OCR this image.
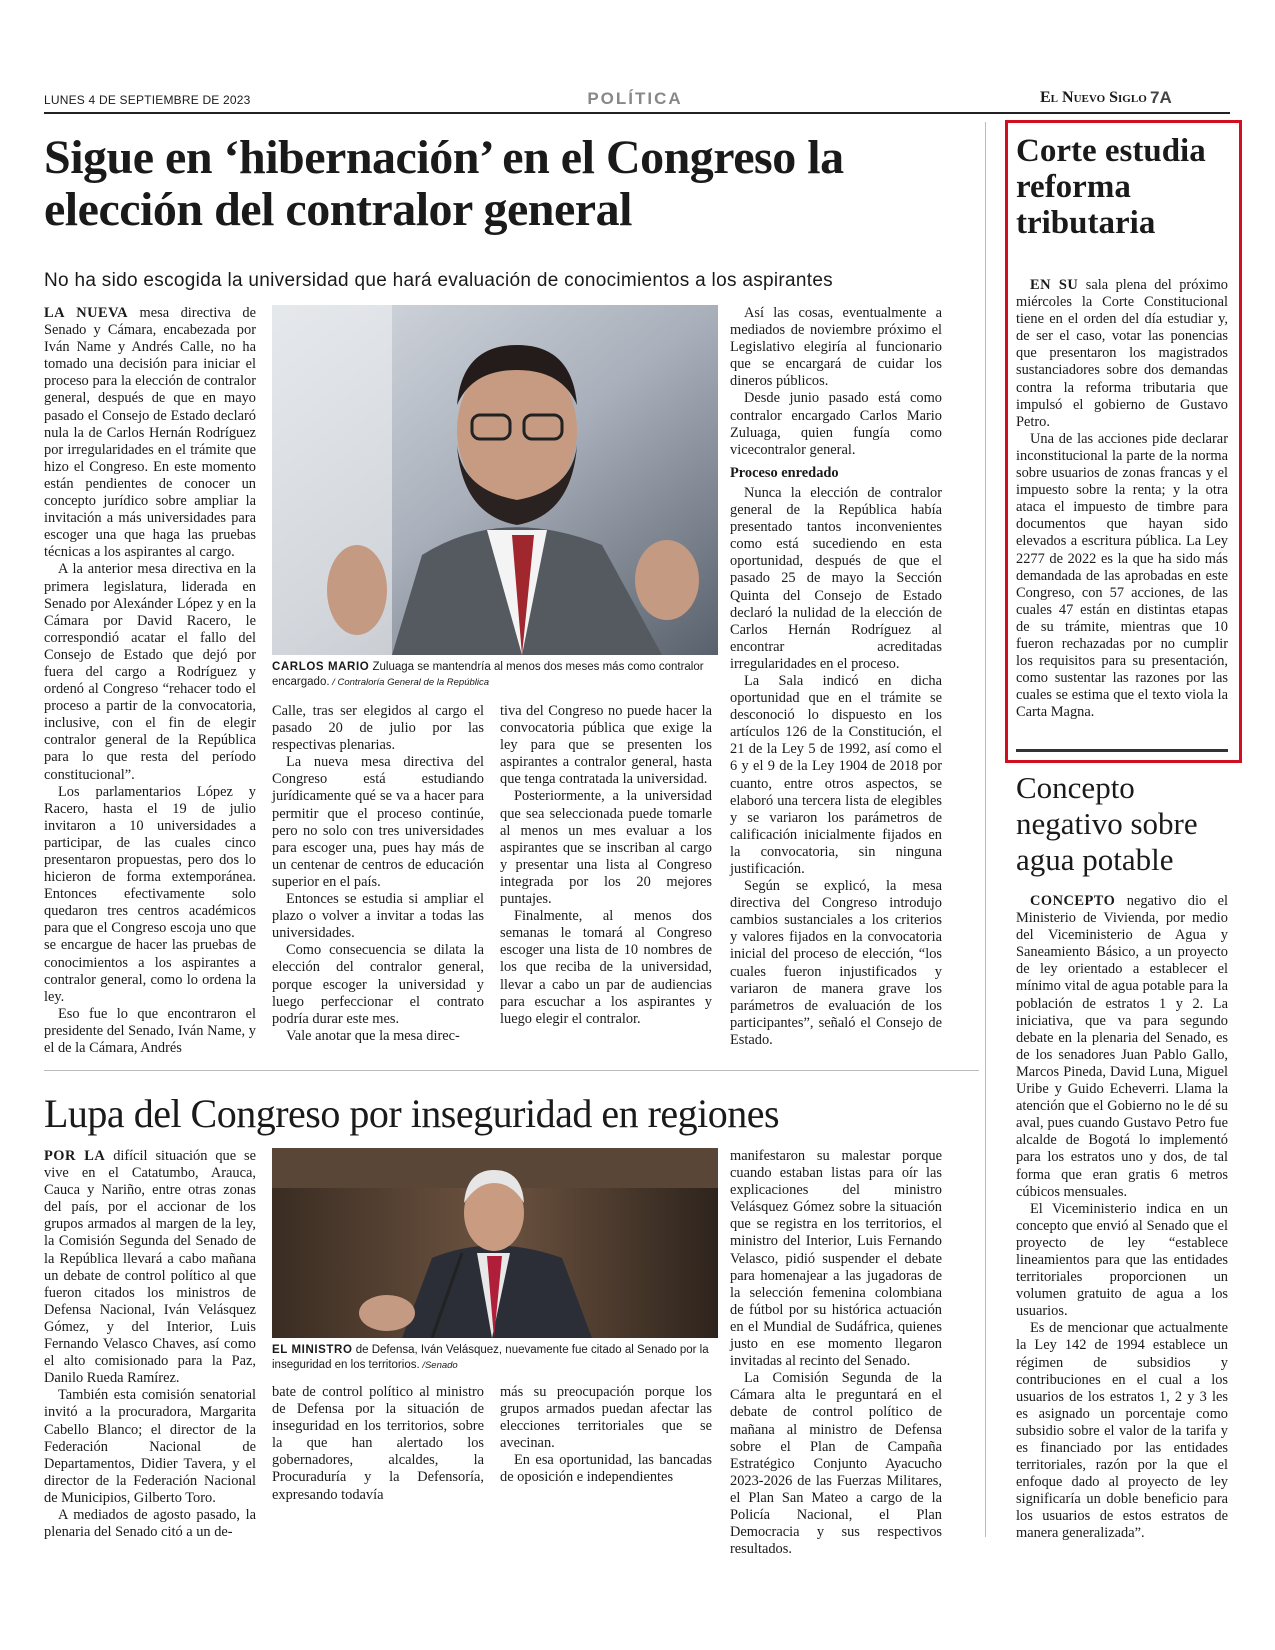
LUNES 4 DE SEPTIEMBRE DE 2023	POLÍTICA	El Nuevo Siglo 7A
Sigue en ‘hibernación’ en el Congreso la elección del contralor general
No ha sido escogida la universidad que hará evaluación de conocimientos a los aspirantes

LA NUEVA mesa directiva de Senado y Cámara, encabezada por Iván Name y Andrés Calle, no ha tomado una decisión para iniciar el proceso para la elección de contralor general, después de que en mayo pasado el Consejo de Estado declaró nula la de Carlos Hernán Rodríguez por irregularidades en el trámite que hizo el Congreso. En este momento están pendientes de conocer un concepto jurídico sobre ampliar la invitación a más universidades para escoger una que haga las pruebas técnicas a los aspirantes al cargo.

A la anterior mesa directiva en la primera legislatura, liderada en Senado por Alexánder López y en la Cámara por David Racero, le correspondió acatar el fallo del Consejo de Estado que dejó por fuera del cargo a Rodríguez y ordenó al Congreso “rehacer todo el proceso a partir de la convocatoria, inclusive, con el fin de elegir contralor general de la República para lo que resta del período constitucional”.

Los parlamentarios López y Racero, hasta el 19 de julio invitaron a 10 universidades a participar, de las cuales cinco presentaron propuestas, pero dos lo hicieron de forma extemporánea. Entonces efectivamente solo quedaron tres centros académicos para que el Congreso escoja uno que se encargue de hacer las pruebas de conocimientos a los aspirantes a contralor general, como lo ordena la ley.

Eso fue lo que encontraron el presidente del Senado, Iván Name, y el de la Cámara, Andrés

CARLOS MARIO Zuluaga se mantendría al menos dos meses más como contralor encargado. / Contraloría General de la República

Calle, tras ser elegidos al cargo el pasado 20 de julio por las respectivas plenarias.

La nueva mesa directiva del Congreso está estudiando jurídicamente qué se va a hacer para permitir que el proceso continúe, pero no solo con tres universidades para escoger una, pues hay más de un centenar de centros de educación superior en el país.

Entonces se estudia si ampliar el plazo o volver a invitar a todas las universidades.

Como consecuencia se dilata la elección del contralor general, porque escoger la universidad y luego perfeccionar el contrato podría durar este mes.

Vale anotar que la mesa direc-

tiva del Congreso no puede hacer la convocatoria pública que exige la ley para que se presenten los aspirantes a contralor general, hasta que tenga contratada la universidad.

Posteriormente, a la universidad que sea seleccionada puede tomarle al menos un mes evaluar a los aspirantes que se inscriban al cargo y presentar una lista al Congreso integrada por los 20 mejores puntajes.

Finalmente, al menos dos semanas le tomará al Congreso escoger una lista de 10 nombres de los que reciba de la universidad, llevar a cabo un par de audiencias para escuchar a los aspirantes y luego elegir el contralor.

Así las cosas, eventualmente a mediados de noviembre próximo el Legislativo elegiría al funcionario que se encargará de cuidar los dineros públicos.

Desde junio pasado está como contralor encargado Carlos Mario Zuluaga, quien fungía como vicecontralor general.

Proceso enredado

Nunca la elección de contralor general de la República había presentado tantos inconvenientes como está sucediendo en esta oportunidad, después de que el pasado 25 de mayo la Sección Quinta del Consejo de Estado declaró la nulidad de la elección de Carlos Hernán Rodríguez al encontrar acreditadas irregularidades en el proceso.

La Sala indicó en dicha oportunidad que en el trámite se desconoció lo dispuesto en los artículos 126 de la Constitución, el 21 de la Ley 5 de 1992, así como el 6 y el 9 de la Ley 1904 de 2018 por cuanto, entre otros aspectos, se elaboró una tercera lista de elegibles y se variaron los parámetros de calificación inicialmente fijados en la convocatoria, sin ninguna justificación.

Según se explicó, la mesa directiva del Congreso introdujo cambios sustanciales a los criterios y valores fijados en la convocatoria inicial del proceso de elección, “los cuales fueron injustificados y variaron de manera grave los parámetros de evaluación de los participantes”, señaló el Consejo de Estado.

Lupa del Congreso por inseguridad en regiones

POR LA difícil situación que se vive en el Catatumbo, Arauca, Cauca y Nariño, entre otras zonas del país, por el accionar de los grupos armados al margen de la ley, la Comisión Segunda del Senado de la República llevará a cabo mañana un debate de control político al que fueron citados los ministros de Defensa Nacional, Iván Velásquez Gómez, y del Interior, Luis Fernando Velasco Chaves, así como el alto comisionado para la Paz, Danilo Rueda Ramírez.

También esta comisión senatorial invitó a la procuradora, Margarita Cabello Blanco; el director de la Federación Nacional de Departamentos, Didier Tavera, y el director de la Federación Nacional de Municipios, Gilberto Toro.

A mediados de agosto pasado, la plenaria del Senado citó a un de-

EL MINISTRO de Defensa, Iván Velásquez, nuevamente fue citado al Senado por la inseguridad en los territorios. /Senado

bate de control político al ministro de Defensa por la situación de inseguridad en los territorios, sobre la que han alertado los gobernadores, alcaldes, la Procuraduría y la Defensoría, expresando todavía

más su preocupación porque los grupos armados puedan afectar las elecciones territoriales que se avecinan.

En esa oportunidad, las bancadas de oposición e independientes

manifestaron su malestar porque cuando estaban listas para oír las explicaciones del ministro Velásquez Gómez sobre la situación que se registra en los territorios, el ministro del Interior, Luis Fernando Velasco, pidió suspender el debate para homenajear a las jugadoras de la selección femenina colombiana de fútbol por su histórica actuación en el Mundial de Sudáfrica, quienes justo en ese momento llegaron invitadas al recinto del Senado.

La Comisión Segunda de la Cámara alta le preguntará en el debate de control político de mañana al ministro de Defensa sobre el Plan de Campaña Estratégico Conjunto Ayacucho 2023-2026 de las Fuerzas Militares, el Plan San Mateo a cargo de la Policía Nacional, el Plan Democracia y sus respectivos resultados.

Corte estudia reforma tributaria

EN SU sala plena del próximo miércoles la Corte Constitucional tiene en el orden del día estudiar y, de ser el caso, votar las ponencias que presentaron los magistrados sustanciadores sobre dos demandas contra la reforma tributaria que impulsó el gobierno de Gustavo Petro.

Una de las acciones pide declarar inconstitucional la parte de la norma sobre usuarios de zonas francas y el impuesto sobre la renta; y la otra ataca el impuesto de timbre para documentos que hayan sido elevados a escritura pública. La Ley 2277 de 2022 es la que ha sido más demandada de las aprobadas en este Congreso, con 57 acciones, de las cuales 47 están en distintas etapas de su trámite, mientras que 10 fueron rechazadas por no cumplir los requisitos para su presentación, como sustentar las razones por las cuales se estima que el texto viola la Carta Magna.

Concepto negativo sobre agua potable

CONCEPTO negativo dio el Ministerio de Vivienda, por medio del Viceministerio de Agua y Saneamiento Básico, a un proyecto de ley orientado a establecer el mínimo vital de agua potable para la población de estratos 1 y 2. La iniciativa, que va para segundo debate en la plenaria del Senado, es de los senadores Juan Pablo Gallo, Marcos Pineda, David Luna, Miguel Uribe y Guido Echeverri. Llama la atención que el Gobierno no le dé su aval, pues cuando Gustavo Petro fue alcalde de Bogotá lo implementó para los estratos uno y dos, de tal forma que eran gratis 6 metros cúbicos mensuales.

El Viceministerio indica en un concepto que envió al Senado que el proyecto de ley “establece lineamientos para que las entidades territoriales proporcionen un volumen gratuito de agua a los usuarios.

Es de mencionar que actualmente la Ley 142 de 1994 establece un régimen de subsidios y contribuciones en el cual a los usuarios de los estratos 1, 2 y 3 les es asignado un porcentaje como subsidio sobre el valor de la tarifa y es financiado por las entidades territoriales, razón por la que el enfoque dado al proyecto de ley significaría un doble beneficio para los usuarios de estos estratos de manera generalizada”.
